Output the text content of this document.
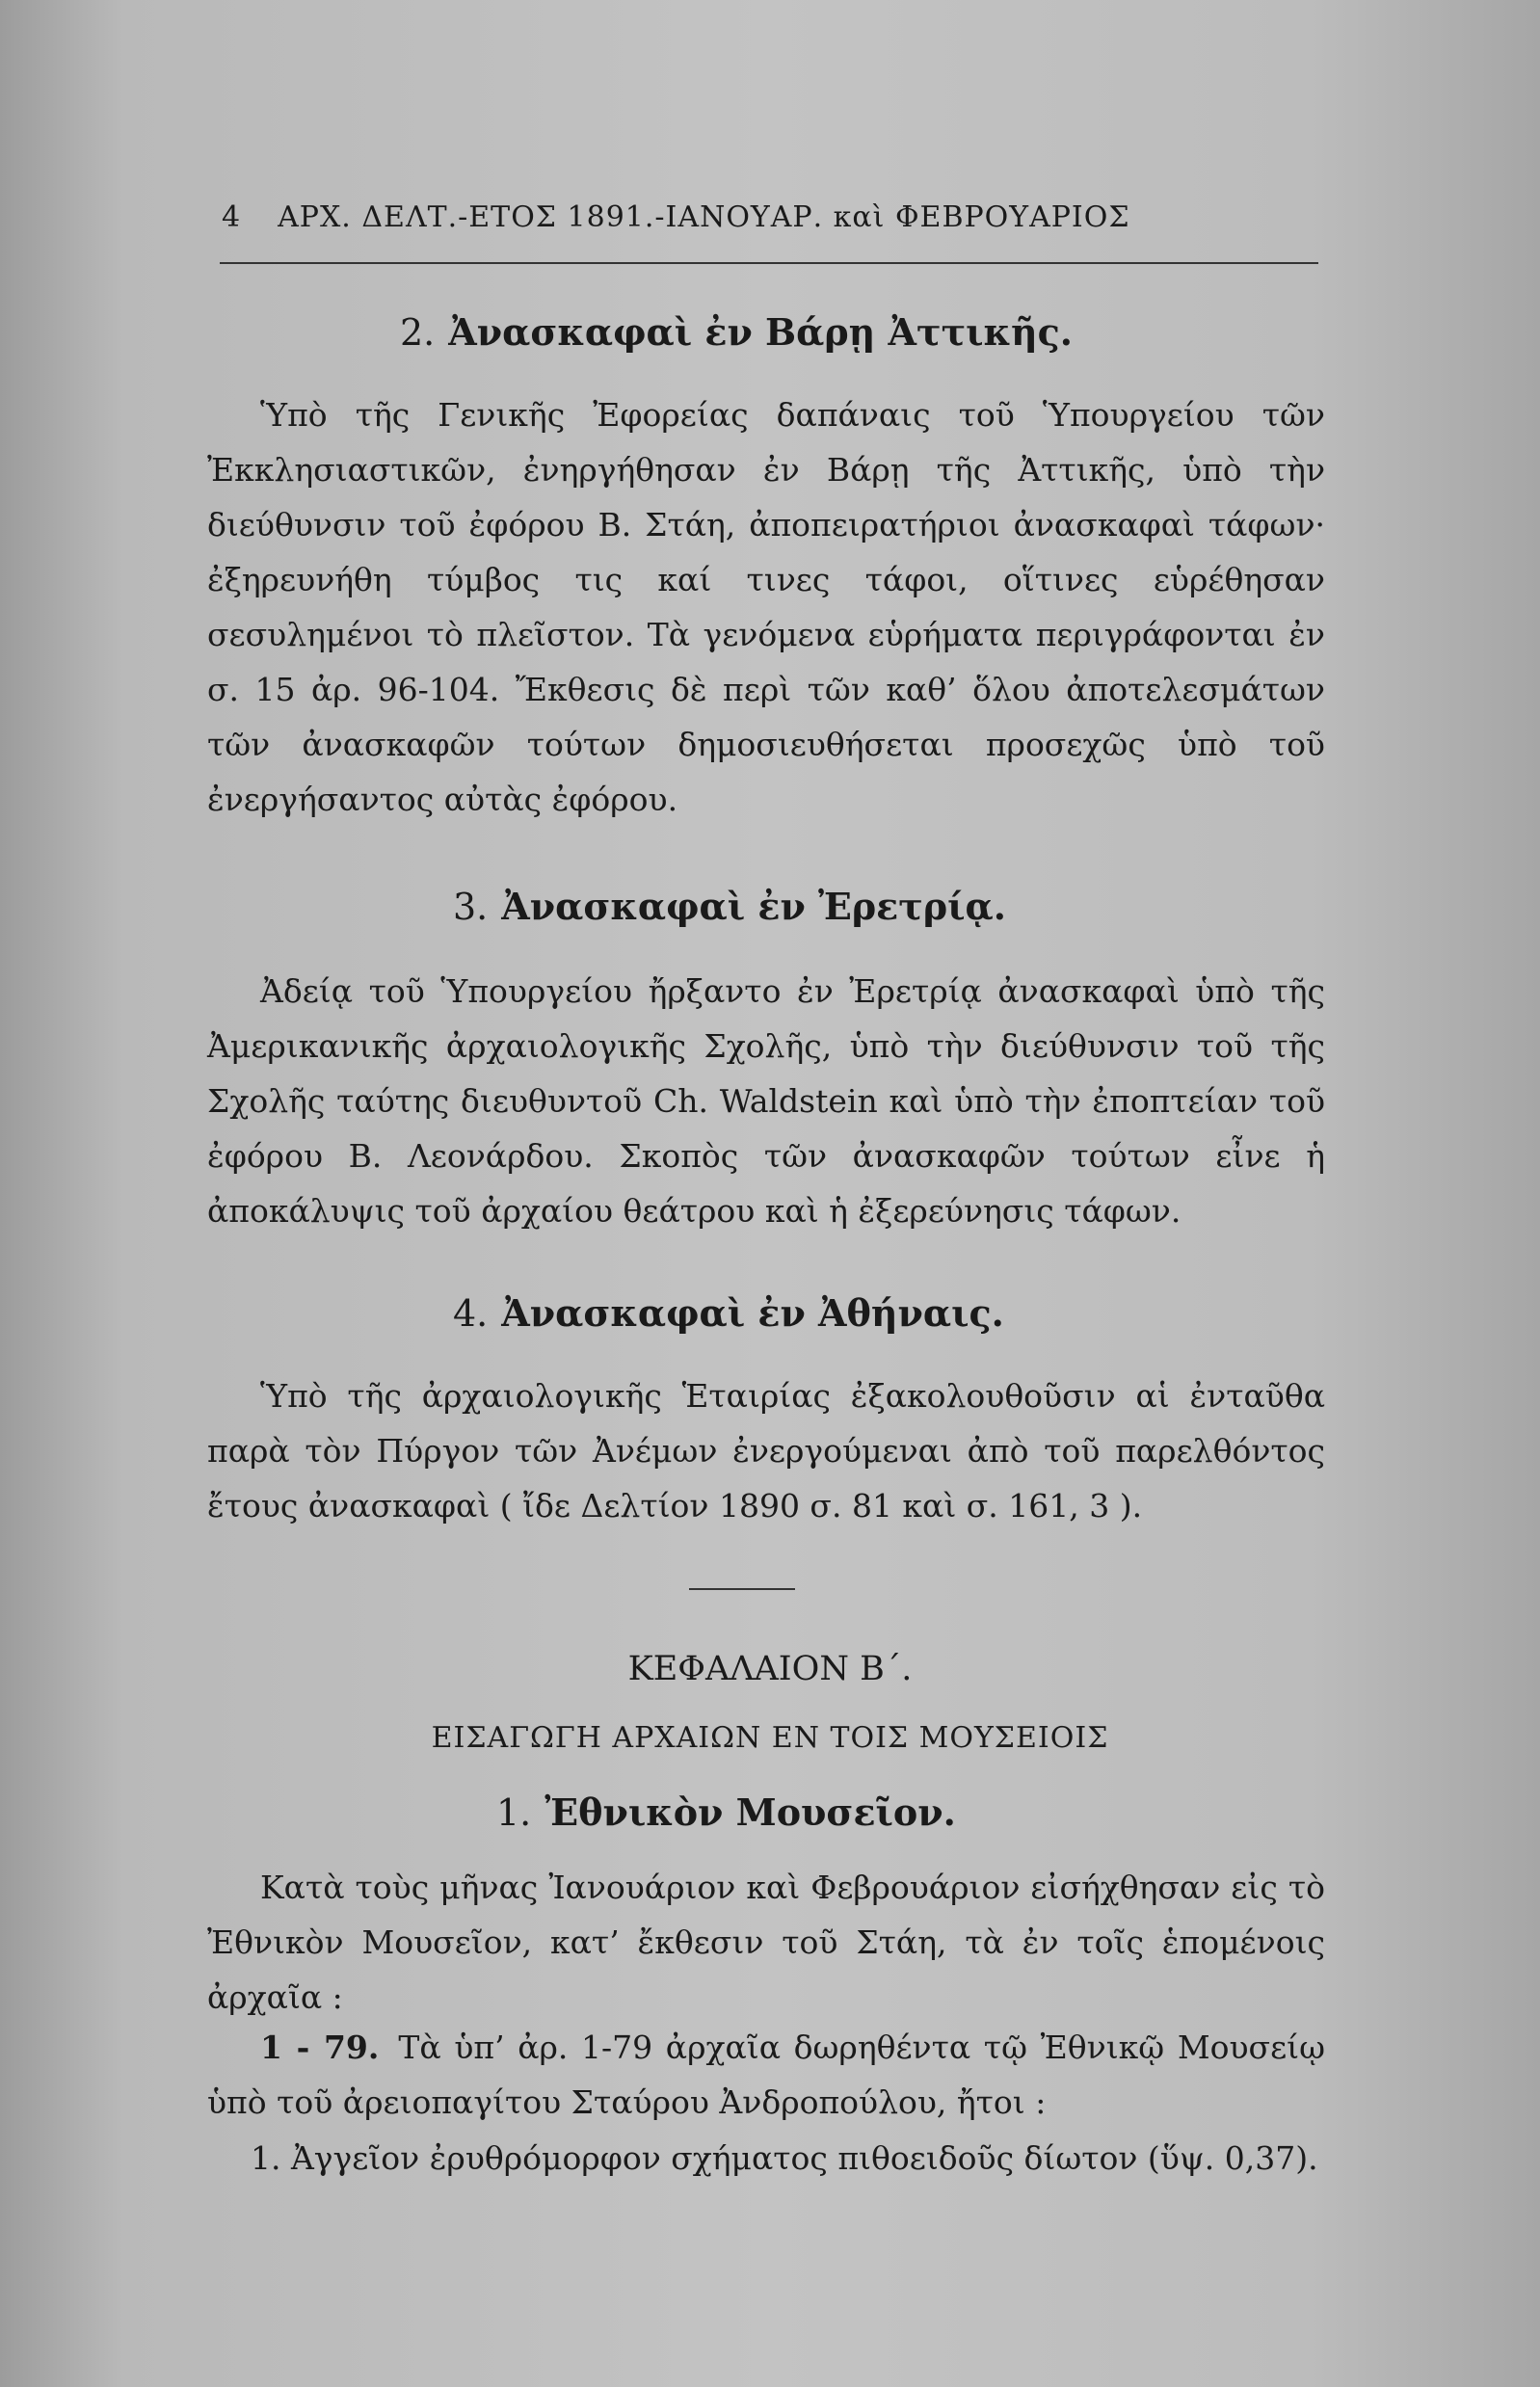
4 ΑΡΧ. ΔΕΛΤ.-ΕΤΟΣ 1891.-ΙΑΝΟΥΑΡ. καὶ ΦΕΒΡΟΥΑΡΙΟΣ
2. Ἀνασκαφαὶ ἐν Βάρῃ Ἀττικῆς.
Ὑπὸ τῆς Γενικῆς Ἐφορείας δαπάναις τοῦ Ὑπουργείου τῶν Ἐκκλησιαστικῶν, ἐνηργήθησαν ἐν Βάρῃ τῆς Ἀττικῆς, ὑπὸ τὴν διεύθυνσιν τοῦ ἐφόρου Β. Στάη, ἀποπειρατήριοι ἀνασκαφαὶ τάφων· ἐξηρευνήθη τύμβος τις καί τινες τάφοι, οἵτινες εὑρέθησαν σεσυλημένοι τὸ πλεῖστον. Τὰ γενόμενα εὑρήματα περιγράφονται ἐν σ. 15 ἀρ. 96-104. Ἔκθεσις δὲ περὶ τῶν καθ’ ὅλου ἀποτελεσμάτων τῶν ἀνασκαφῶν τούτων δημοσιευθήσεται προσεχῶς ὑπὸ τοῦ ἐνεργήσαντος αὐτὰς ἐφόρου.
3. Ἀνασκαφαὶ ἐν Ἐρετρίᾳ.
Ἀδείᾳ τοῦ Ὑπουργείου ἤρξαντο ἐν Ἐρετρίᾳ ἀνασκαφαὶ ὑπὸ τῆς Ἀμερικανικῆς ἀρχαιολογικῆς Σχολῆς, ὑπὸ τὴν διεύθυνσιν τοῦ τῆς Σχολῆς ταύτης διευθυντοῦ Ch. Waldstein καὶ ὑπὸ τὴν ἐποπτείαν τοῦ ἐφόρου Β. Λεονάρδου. Σκοπὸς τῶν ἀνασκαφῶν τούτων εἶνε ἡ ἀποκάλυψις τοῦ ἀρχαίου θεάτρου καὶ ἡ ἐξερεύνησις τάφων.
4. Ἀνασκαφαὶ ἐν Ἀθήναις.
Ὑπὸ τῆς ἀρχαιολογικῆς Ἑταιρίας ἐξακολουθοῦσιν αἱ ἐνταῦθα παρὰ τὸν Πύργον τῶν Ἀνέμων ἐνεργούμεναι ἀπὸ τοῦ παρελθόντος ἔτους ἀνασκαφαὶ ( ἴδε Δελτίον 1890 σ. 81 καὶ σ. 161, 3 ).
ΚΕΦΑΛΑΙΟΝ Β΄.
ΕΙΣΑΓΩΓΗ ΑΡΧΑΙΩΝ ΕΝ ΤΟΙΣ ΜΟΥΣΕΙΟΙΣ
1. Ἐθνικὸν Μουσεῖον.
Κατὰ τοὺς μῆνας Ἰανουάριον καὶ Φεβρουάριον εἰσήχθησαν εἰς τὸ Ἐθνικὸν Μουσεῖον, κατ’ ἔκθεσιν τοῦ Στάη, τὰ ἐν τοῖς ἑπομένοις ἀρχαῖα :
1 - 79. Τὰ ὑπ’ ἀρ. 1-79 ἀρχαῖα δωρηθέντα τῷ Ἐθνικῷ Μουσείῳ ὑπὸ τοῦ ἀρειοπαγίτου Σταύρου Ἀνδροπούλου, ἤτοι :
1. Ἀγγεῖον ἐρυθρόμορφον σχήματος πιθοειδοῦς δίωτον (ὕψ. 0,37).
